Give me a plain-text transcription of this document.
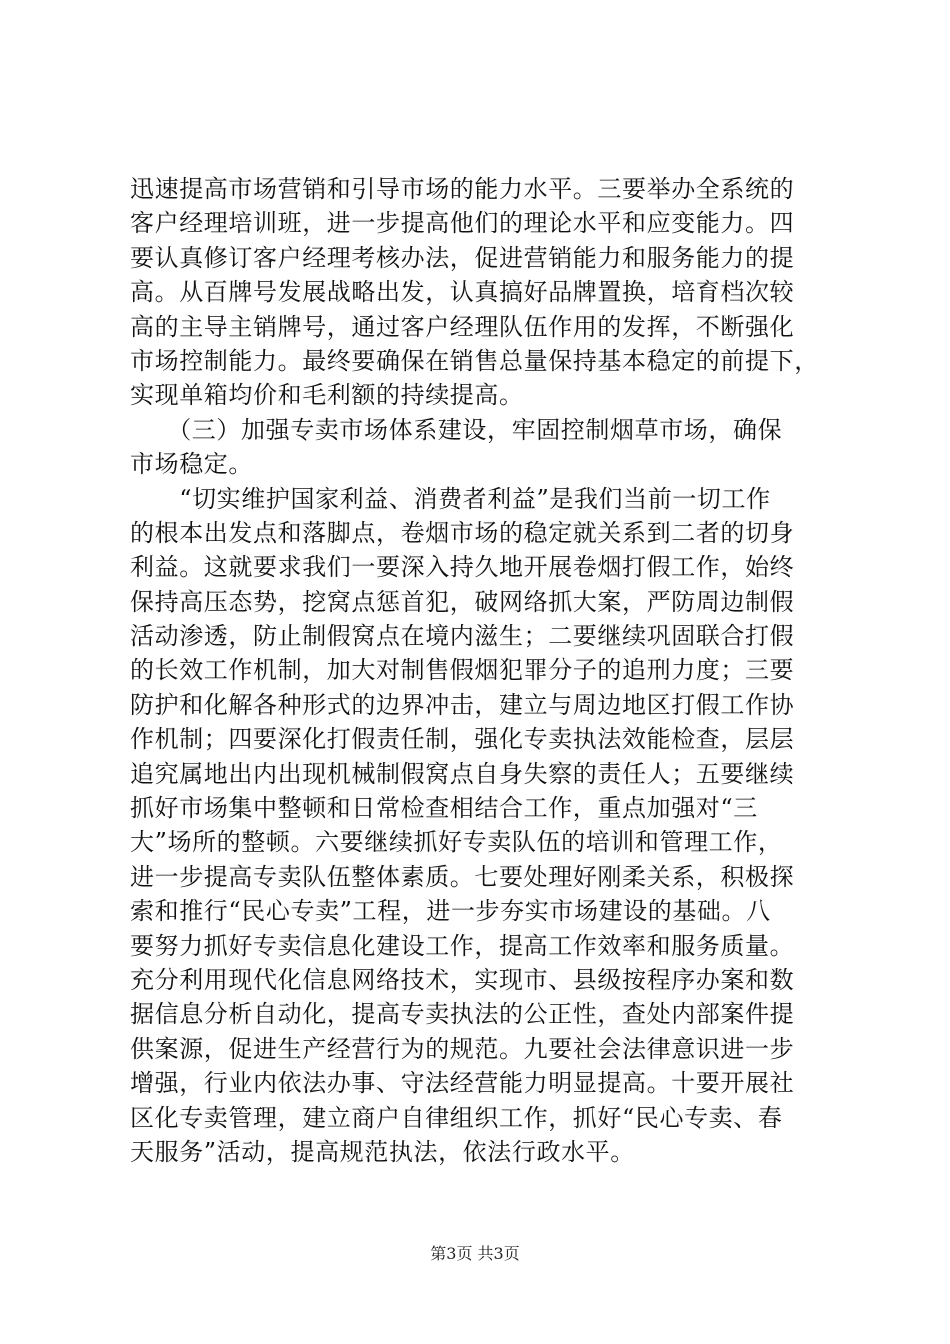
迅速提高市场营销和引导市场的能力水平。三要举办全系统的
客户经理培训班，进一步提高他们的理论水平和应变能力。四
要认真修订客户经理考核办法，促进营销能力和服务能力的提
高。从百牌号发展战略出发，认真搞好品牌置换，培育档次较
高的主导主销牌号，通过客户经理队伍作用的发挥，不断强化
市场控制能力。最终要确保在销售总量保持基本稳定的前提下，
实现单箱均价和毛利额的持续提高。
　　（三）加强专卖市场体系建设，牢固控制烟草市场，确保
市场稳定。
　　“切实维护国家利益、消费者利益”是我们当前一切工作
的根本出发点和落脚点，卷烟市场的稳定就关系到二者的切身
利益。这就要求我们一要深入持久地开展卷烟打假工作，始终
保持高压态势，挖窝点惩首犯，破网络抓大案，严防周边制假
活动渗透，防止制假窝点在境内滋生；二要继续巩固联合打假
的长效工作机制，加大对制售假烟犯罪分子的追刑力度；三要
防护和化解各种形式的边界冲击，建立与周边地区打假工作协
作机制；四要深化打假责任制，强化专卖执法效能检查，层层
追究属地出内出现机械制假窝点自身失察的责任人；五要继续
抓好市场集中整顿和日常检查相结合工作，重点加强对“三
大”场所的整顿。六要继续抓好专卖队伍的培训和管理工作，
进一步提高专卖队伍整体素质。七要处理好刚柔关系，积极探
索和推行“民心专卖”工程，进一步夯实市场建设的基础。八
要努力抓好专卖信息化建设工作，提高工作效率和服务质量。
充分利用现代化信息网络技术，实现市、县级按程序办案和数
据信息分析自动化，提高专卖执法的公正性，查处内部案件提
供案源，促进生产经营行为的规范。九要社会法律意识进一步
增强，行业内依法办事、守法经营能力明显提高。十要开展社
区化专卖管理，建立商户自律组织工作，抓好“民心专卖、春
天服务”活动，提高规范执法，依法行政水平。
第3页 共3页
